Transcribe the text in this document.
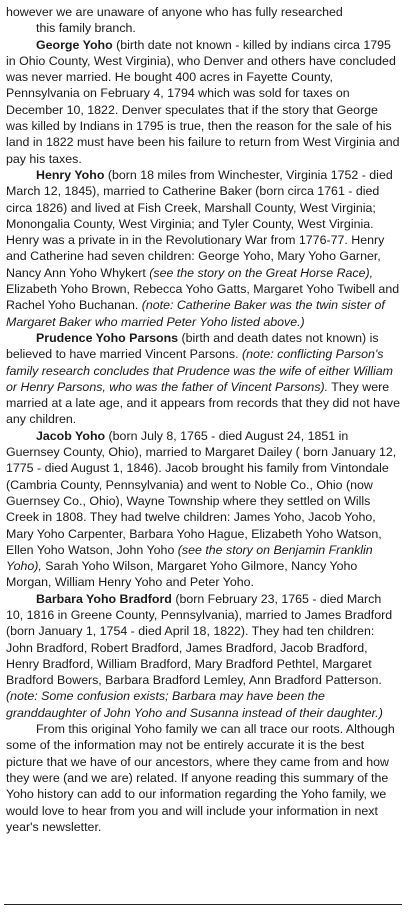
however we are unaware of anyone who has fully researched
this family branch.

George Yoho (birth date not known - killed by indians circa 1795 in Ohio County, West Virginia), who Denver and others have concluded was never married. He bought 400 acres in Fayette County, Pennsylvania on February 4, 1794 which was sold for taxes on December 10, 1822. Denver speculates that if the story that George was killed by Indians in 1795 is true, then the reason for the sale of his land in 1822 must have been his failure to return from West Virginia and pay his taxes.

Henry Yoho (born 18 miles from Winchester, Virginia 1752 - died March 12, 1845), married to Catherine Baker (born circa 1761 - died circa 1826) and lived at Fish Creek, Marshall County, West Virginia; Monongalia County, West Virginia; and Tyler County, West Virginia. Henry was a private in in the Revolutionary War from 1776-77. Henry and Catherine had seven children: George Yoho, Mary Yoho Garner, Nancy Ann Yoho Whykert (see the story on the Great Horse Race), Elizabeth Yoho Brown, Rebecca Yoho Gatts, Margaret Yoho Twibell and Rachel Yoho Buchanan. (note: Catherine Baker was the twin sister of Margaret Baker who married Peter Yoho listed above.)

Prudence Yoho Parsons (birth and death dates not known) is believed to have married Vincent Parsons. (note: conflicting Parson's family research concludes that Prudence was the wife of either William or Henry Parsons, who was the father of Vincent Parsons). They were married at a late age, and it appears from records that they did not have any children.

Jacob Yoho (born July 8, 1765 - died August 24, 1851 in Guernsey County, Ohio), married to Margaret Dailey ( born January 12, 1775 - died August 1, 1846). Jacob brought his family from Vintondale (Cambria County, Pennsylvania) and went to Noble Co., Ohio (now Guernsey Co., Ohio), Wayne Township where they settled on Wills Creek in 1808. They had twelve children: James Yoho, Jacob Yoho, Mary Yoho Carpenter, Barbara Yoho Hague, Elizabeth Yoho Watson, Ellen Yoho Watson, John Yoho (see the story on Benjamin Franklin Yoho), Sarah Yoho Wilson, Margaret Yoho Gilmore, Nancy Yoho Morgan, William Henry Yoho and Peter Yoho.

Barbara Yoho Bradford (born February 23, 1765 - died March 10, 1816 in Greene County, Pennsylvania), married to James Bradford (born January 1, 1754 - died April 18, 1822). They had ten children: John Bradford, Robert Bradford, James Bradford, Jacob Bradford, Henry Bradford, William Bradford, Mary Bradford Pethtel, Margaret Bradford Bowers, Barbara Bradford Lemley, Ann Bradford Patterson. (note: Some confusion exists; Barbara may have been the granddaughter of John Yoho and Susanna instead of their daughter.)

From this original Yoho family we can all trace our roots. Although some of the information may not be entirely accurate it is the best picture that we have of our ancestors, where they came from and how they were (and we are) related. If anyone reading this summary of the Yoho history can add to our information regarding the Yoho family, we would love to hear from you and will include your information in next year's newsletter.
